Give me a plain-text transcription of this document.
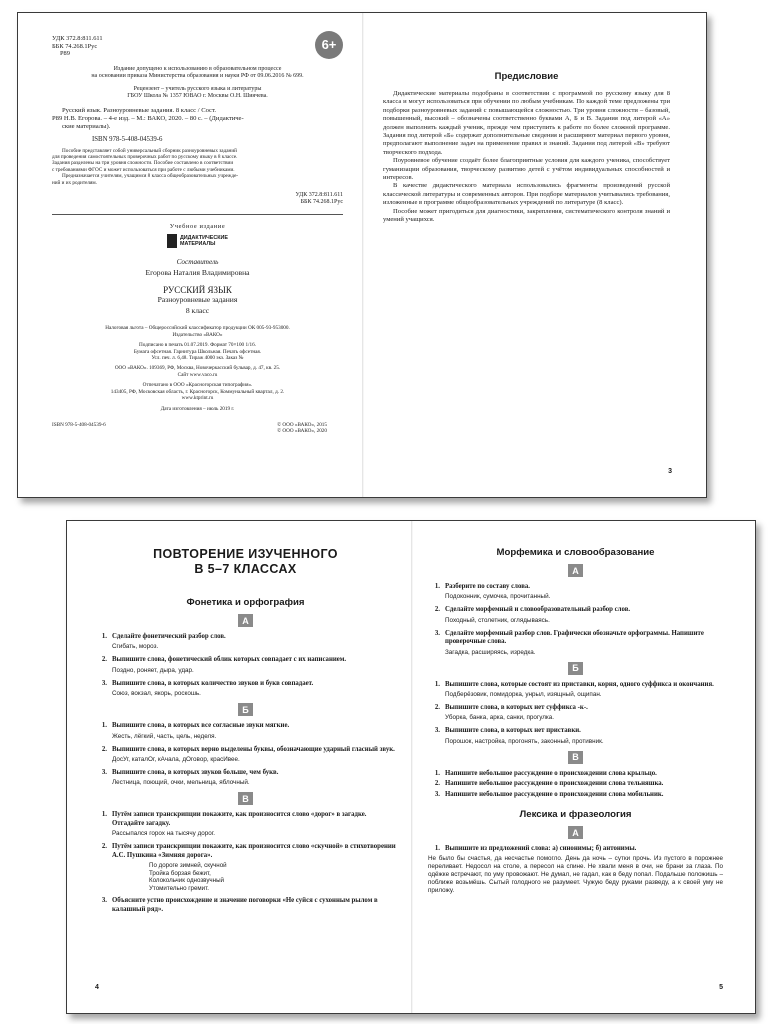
УДК 372.8:811.611
ББК 74.268.1Рус
Р89
6+
Издание допущено к использованию в образовательном процессе
на основании приказа Министерства образования и науки РФ от 09.06.2016 № 699.
Рецензент – учитель русского языка и литературы
ГБОУ Школа № 1357 ЮВАО г. Москвы О.Н. Шиячева.
Русский язык. Разноуровневые задания. 8 класс / Сост.
Р89 Н.В. Егорова. – 4-е изд. – М.: ВАКО, 2020. – 80 с. – (Дидактиче-
ские материалы).
ISBN 978-5-408-04539-6
Пособие представляет собой универсальный сборник разноуровневых заданий
для проведения самостоятельных проверочных работ по русскому языку в 8 классе.
Задания разделены на три уровня сложности. Пособие составлено в соответствии
с требованиями ФГОС и может использоваться при работе с любыми учебниками.
Предназначается учителям, учащимся 8 класса общеобразовательных учрежде-
ний и их родителям.
УДК 372.8:811.611
ББК 74.268.1Рус
Учебное издание
ДИДАКТИЧЕСКИЕ
МАТЕРИАЛЫ
Составитель
Егорова Наталия Владимировна
РУССКИЙ ЯЗЫК
Разноуровневые задания
8 класс
Налоговая льгота – Общероссийский классификатор продукции ОК 005-93-953000.
Издательство «ВАКО»
Подписано в печать 01.07.2019. Формат 70×100 1/16.
Бумага офсетная. Гарнитура Школьная. Печать офсетная.
Усл. печ. л. 6,48. Тираж 4000 экз. Заказ №
ООО «ВАКО». 109369, РФ, Москва, Новочеркасский бульвар, д. 47, кв. 25.
Сайт www.vaco.ru
Отпечатано в ООО «Красногорская типография».
143405, РФ, Московская область, г. Красногорск, Коммунальный квартал, д. 2.
www.ktprint.ru
Дата изготовления – июль 2019 г.
ISBN 978-5-408-04539-6	© ООО «ВАКО», 2015
© ООО «ВАКО», 2020
Предисловие

Дидактические материалы подобраны в соответствии с программой по русскому языку для 8 класса и могут использоваться при обучении по любым учебникам. По каждой теме предложены три подборки разноуровневых заданий с повышающейся сложностью. Три уровня сложности – базовый, повышенный, высокий – обозначены соответственно буквами А, Б и В. Задания под литерой «А» должен выполнить каждый ученик, прежде чем приступить к работе по более сложной программе. Задания под литерой «Б» содержат дополнительные сведения и расширяют материал первого уровня, предполагают выполнение задач на применение правил и знаний. Задания под литерой «В» требуют творческого подхода.

Поуровневое обучение создаёт более благоприятные условия для каждого ученика, способствует гуманизации образования, творческому развитию детей с учётом индивидуальных способностей и интересов.

В качестве дидактического материала использовались фрагменты произведений русской классической литературы и современных авторов. При подборе материалов учитывались требования, изложенные в программе общеобразовательных учреждений по литературе (8 класс).

Пособие может пригодиться для диагностики, закрепления, систематического контроля знаний и умений учащихся.

3
ПОВТОРЕНИЕ ИЗУЧЕННОГО
В 5–7 КЛАССАХ
Фонетика и орфография
А
1. Сделайте фонетический разбор слов.
Сгибать, мороз.
2. Выпишите слова, фонетический облик которых совпадает с их написанием.
Поздно, роняет, дыра, удар.
3. Выпишите слова, в которых количество звуков и букв совпадает.
Союз, вокзал, якорь, роскошь.
Б
1. Выпишите слова, в которых все согласные звуки мягкие.
Жесть, лёгкий, часть, цель, неделя.
2. Выпишите слова, в которых верно выделены буквы, обозначающие ударный гласный звук.
ДосУг, каталОг, кАчала, дОговор, красИвее.
3. Выпишите слова, в которых звуков больше, чем букв.
Лестница, поющий, очки, мельница, яблочный.
В
1. Путём записи транскрипции покажите, как произносится слово «дорог» в загадке. Отгадайте загадку.
Рассыпался горох на тысячу дорог.
2. Путём записи транскрипции покажите, как произносится слово «скучной» в стихотворении А.С. Пушкина «Зимняя дорога».
По дороге зимней, скучной
Тройка борзая бежит,
Колокольчик однозвучный
Утомительно гремит.
3. Объясните устно происхождение и значение поговорки «Не суйся с сухонным рылом в калашный ряд».
4
Морфемика и словообразование
А
1. Разберите по составу слова.
Подоконник, сумочка, прочитанный.
2. Сделайте морфемный и словообразовательный разбор слов.
Походный, столетник, оглядываясь.
3. Сделайте морфемный разбор слов. Графически обозначьте орфограммы. Напишите проверочные слова.
Загадка, расширяясь, изредка.
Б
1. Выпишите слова, которые состоят из приставки, корня, одного суффикса и окончания.
Подберёзовик, помидорка, унрыл, изящный, ощипан.
2. Выпишите слова, в которых нет суффикса -к-.
Уборка, банка, арка, санки, прогулка.
3. Выпишите слова, в которых нет приставки.
Порошок, настройка, прогонять, законный, противник.
В
1. Напишите небольшое рассуждение о происхождении слова крыльцо.
2. Напишите небольшое рассуждение о происхождении слова тельняшка.
3. Напишите небольшое рассуждение о происхождении слова мобильник.
Лексика и фразеология
А
1. Выпишите из предложений слова: а) синонимы; б) антонимы.
Не было бы счастья, да несчастье помогло. День да ночь – сутки прочь. Из пустого в порожнее переливает. Недосол на столе, а пересол на спине. Не хвали меня в очи, не брани за глаза. По одёжке встречают, по уму провожают. Не думал, не гадал, как в беду попал. Подальше положишь – поближе возьмёшь. Сытый голодного не разумеет. Чужую беду руками разведу, а к своей уму не приложу.
5
